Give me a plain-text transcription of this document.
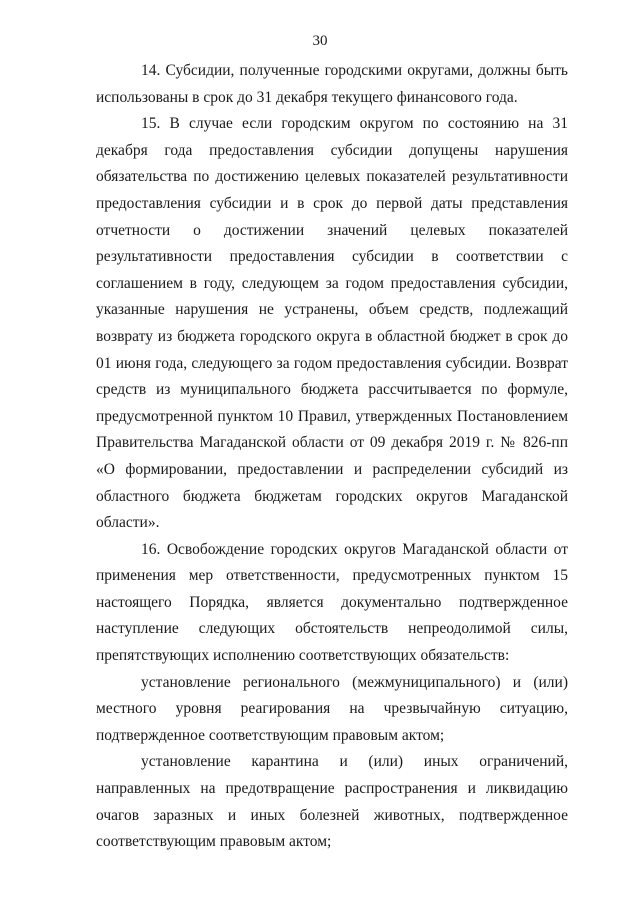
30

14. Субсидии, полученные городскими округами, должны быть использованы в срок до 31 декабря текущего финансового года.

15. В случае если городским округом по состоянию на 31 декабря года предоставления субсидии допущены нарушения обязательства по достижению целевых показателей результативности предоставления субсидии и в срок до первой даты представления отчетности о достижении значений целевых показателей результативности предоставления субсидии в соответствии с соглашением в году, следующем за годом предоставления субсидии, указанные нарушения не устранены, объем средств, подлежащий возврату из бюджета городского округа в областной бюджет в срок до 01 июня года, следующего за годом предоставления субсидии. Возврат средств из муниципального бюджета рассчитывается по формуле, предусмотренной пунктом 10 Правил, утвержденных Постановлением Правительства Магаданской области от 09 декабря 2019 г. № 826-пп «О формировании, предоставлении и распределении субсидий из областного бюджета бюджетам городских округов Магаданской области».

16. Освобождение городских округов Магаданской области от применения мер ответственности, предусмотренных пунктом 15 настоящего Порядка, является документально подтвержденное наступление следующих обстоятельств непреодолимой силы, препятствующих исполнению соответствующих обязательств:

установление регионального (межмуниципального) и (или) местного уровня реагирования на чрезвычайную ситуацию, подтвержденное соответствующим правовым актом;

установление карантина и (или) иных ограничений, направленных на предотвращение распространения и ликвидацию очагов заразных и иных болезней животных, подтвержденное соответствующим правовым актом;
